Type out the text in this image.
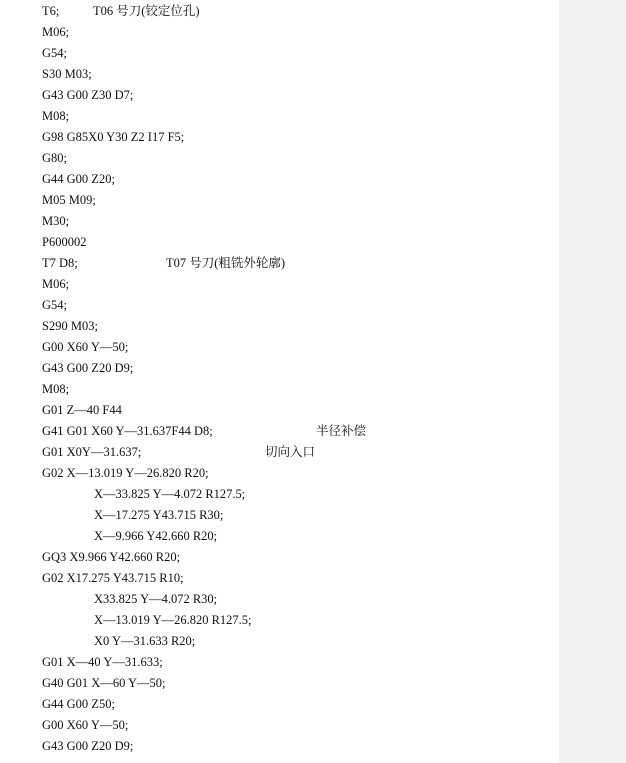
T6;

	T06 号刀(铰定位孔)

M06;
G54;
S30 M03;
G43 G00 Z30 D7;
M08;
G98 G85X0 Y30 Z2 I17 F5;
G80;
G44 G00 Z20;
M05 M09;
M30;
P600002

T7 D8;

	T07 号刀(粗铣外轮廓)

M06;
G54;
S290 M03;
G00 X60 Y—50;
G43 G00 Z20 D9;
M08;
G01 Z—40 F44

G41 G01 X60 Y—31.637F44 D8;

	半径补偿

G01 X0Y—31.637;

	切向入口

G02 X—13.019 Y—26.820 R20;
X—33.825 Y—4.072 R127.5;
X—17.275 Y43.715 R30;
X—9.966 Y42.660 R20;
GQ3 X9.966 Y42.660 R20;
G02 X17.275 Y43.715 R10;
X33.825 Y—4.072 R30;
X—13.019 Y—26.820 R127.5;
X0 Y—31.633 R20;
G01 X—40 Y—31.633;
G40 G01 X—60 Y—50;
G44 G00 Z50;
G00 X60 Y—50;
G43 G00 Z20 D9;
